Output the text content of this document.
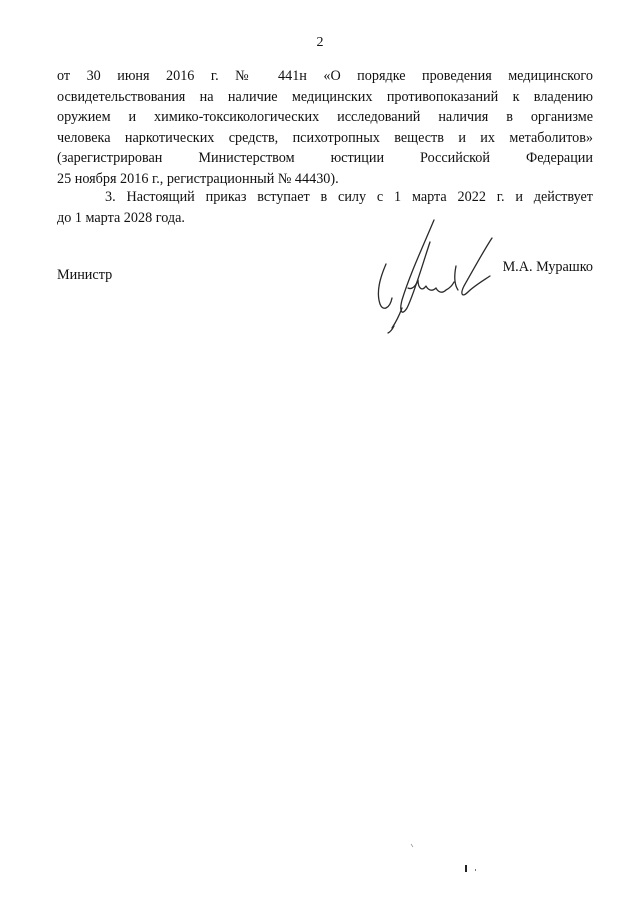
2
от 30 июня 2016 г. № 441н «О порядке проведения медицинского
освидетельствования на наличие медицинских противопоказаний к владению
оружием и химико-токсикологических исследований наличия в организме
человека наркотических средств, психотропных веществ и их метаболитов»
(зарегистрирован Министерством юстиции Российской Федерации
25 ноября 2016 г., регистрационный № 44430).
3. Настоящий приказ вступает в силу с 1 марта 2022 г. и действует
до 1 марта 2028 года.
Министр	М.А. Мурашко
